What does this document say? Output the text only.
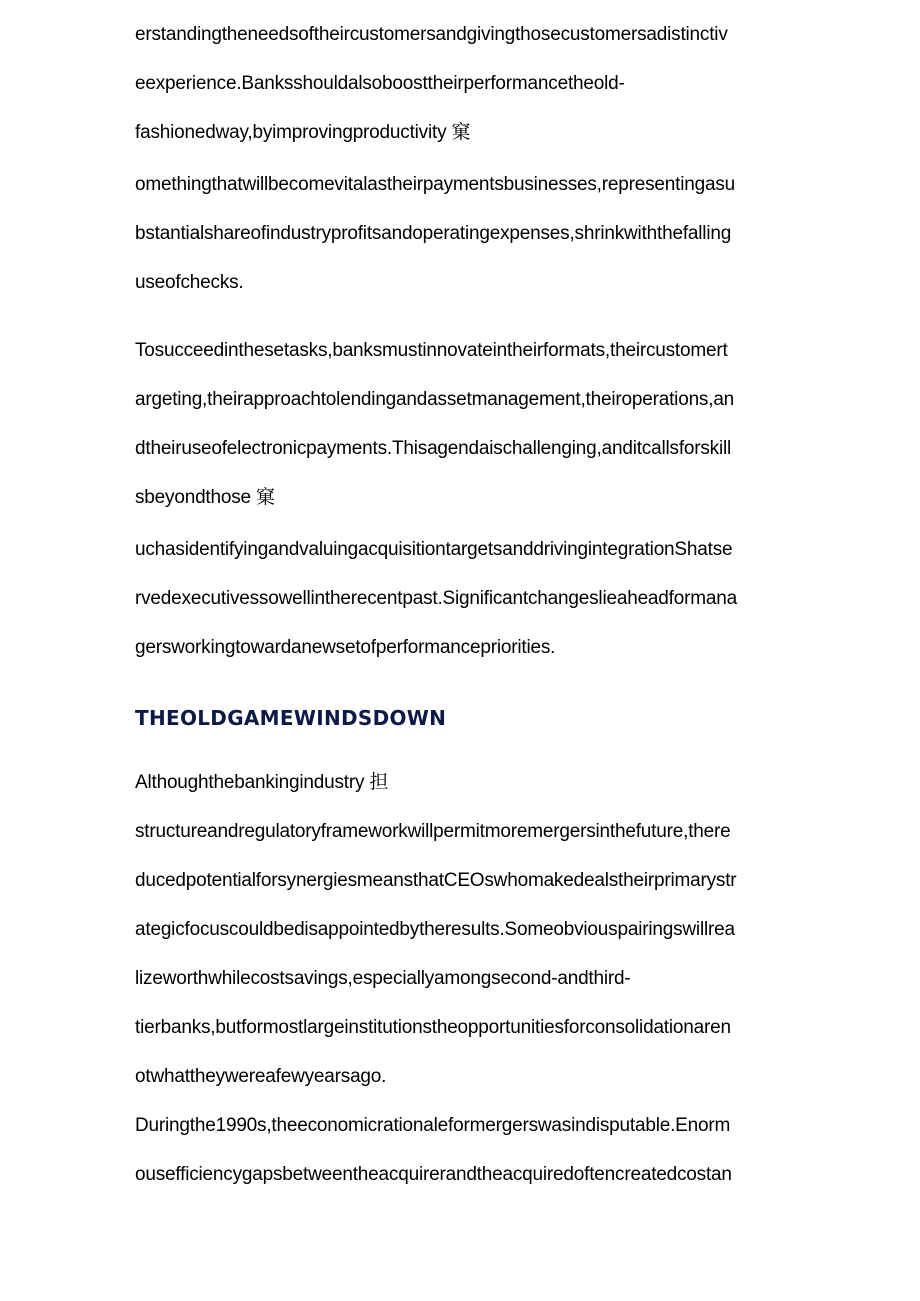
erstandingtheneedsoftheircustomersandgivingthosecustomersadistinctiv
eexperience.Banksshouldalsoboosttheirperformancetheold-
fashionedway,byimprovingproductivity 窠
omethingthatwillbecomevitalastheirpaymentsbusinesses,representingasu
bstantialshareofindustryprofitsandoperatingexpenses,shrinkwiththefalling
useofchecks.
Tosucceedinthesetasks,banksmustinnovateintheirformats,theircustomert
argeting,theirapproachtolendingandassetmanagement,theiroperations,an
dtheiruseofelectronicpayments.Thisagendaischallenging,anditcallsforskill
sbeyondthose 窠
uchasidentifyingandvaluingacquisitiontargetsanddrivingintegrationShatse
rvedexecutivessowellintherecentpast.Significantchangeslieaheadformana
gersworkingtowardanewsetofperformancepriorities.
THEOLDGAMEWINDSDOWN
Althoughthebankingindustry 担
structureandregulatoryframeworkwillpermitmoremergersinthefuture,there
ducedpotentialforsynergiesmeansthatCEOswhomakedealstheirprimarystr
ategicfocuscouldbedisappointedbytheresults.Someobviouspairingswillrea
lizeworthwhilecostsavings,especiallyamongsecond-andthird-
tierbanks,butformostlargeinstitutionstheopportunitiesforconsolidationaren
otwhattheywereafewyearsago.
Duringthe1990s,theeconomicrationaleformergerswasindisputable.Enorm
ousefficiencygapsbetweentheacquirerandtheacquiredoftencreatedcostan
